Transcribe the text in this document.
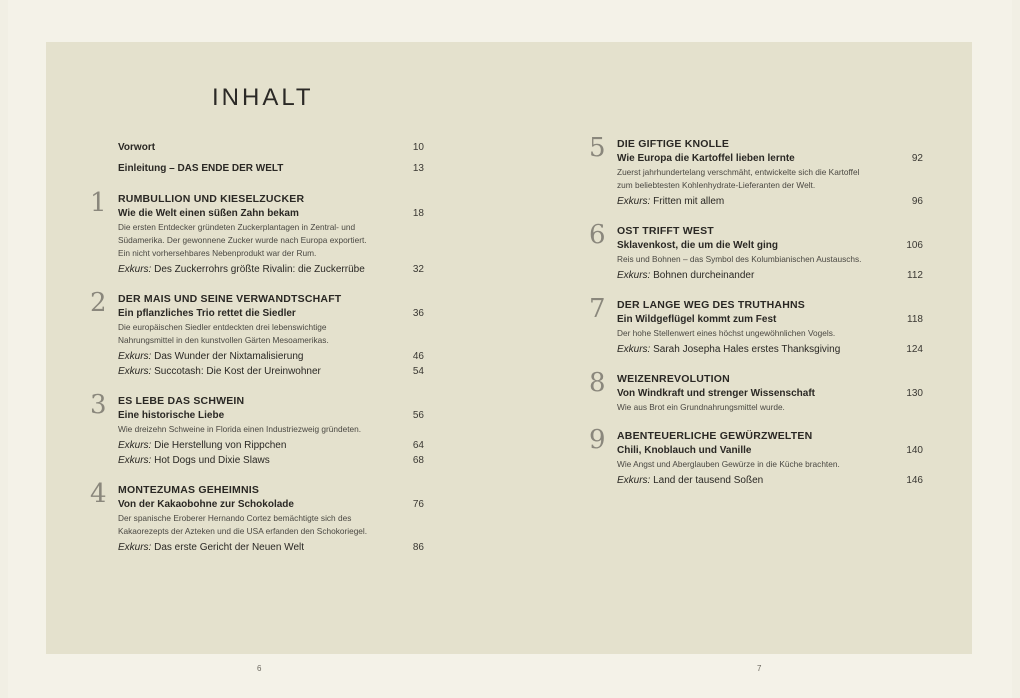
INHALT
Vorwort	10
Einleitung – DAS ENDE DER WELT	13
1 RUMBULLION UND KIESELZUCKER
Wie die Welt einen süßen Zahn bekam	18
Die ersten Entdecker gründeten Zuckerplantagen in Zentral- und
Südamerika. Der gewonnene Zucker wurde nach Europa exportiert.
Ein nicht vorhersehbares Nebenprodukt war der Rum.
Exkurs: Des Zuckerrohrs größte Rivalin: die Zuckerrübe	32
2 DER MAIS UND SEINE VERWANDTSCHAFT
Ein pflanzliches Trio rettet die Siedler	36
Die europäischen Siedler entdeckten drei lebenswichtige
Nahrungsmittel in den kunstvollen Gärten Mesoamerikas.
Exkurs: Das Wunder der Nixtamalisierung	46
Exkurs: Succotash: Die Kost der Ureinwohner	54
3 ES LEBE DAS SCHWEIN
Eine historische Liebe	56
Wie dreizehn Schweine in Florida einen Industriezweig gründeten.
Exkurs: Die Herstellung von Rippchen	64
Exkurs: Hot Dogs und Dixie Slaws	68
4 MONTEZUMAS GEHEIMNIS
Von der Kakaobohne zur Schokolade	76
Der spanische Eroberer Hernando Cortez bemächtigte sich des
Kakaorezepts der Azteken und die USA erfanden den Schokoriegel.
Exkurs: Das erste Gericht der Neuen Welt	86
5 DIE GIFTIGE KNOLLE
Wie Europa die Kartoffel lieben lernte	92
Zuerst jahrhundertelang verschmäht, entwickelte sich die Kartoffel
zum beliebtesten Kohlenhydrate-Lieferanten der Welt.
Exkurs: Fritten mit allem	96
6 OST TRIFFT WEST
Sklavenkost, die um die Welt ging	106
Reis und Bohnen – das Symbol des Kolumbianischen Austauschs.
Exkurs: Bohnen durcheinander	112
7 DER LANGE WEG DES TRUTHAHNS
Ein Wildgeflügel kommt zum Fest	118
Der hohe Stellenwert eines höchst ungewöhnlichen Vogels.
Exkurs: Sarah Josepha Hales erstes Thanksgiving	124
8 WEIZENREVOLUTION
Von Windkraft und strenger Wissenschaft	130
Wie aus Brot ein Grundnahrungsmittel wurde.
9 ABENTEUERLICHE GEWÜRZWELTEN
Chili, Knoblauch und Vanille	140
Wie Angst und Aberglauben Gewürze in die Küche brachten.
Exkurs: Land der tausend Soßen	146
6	7
